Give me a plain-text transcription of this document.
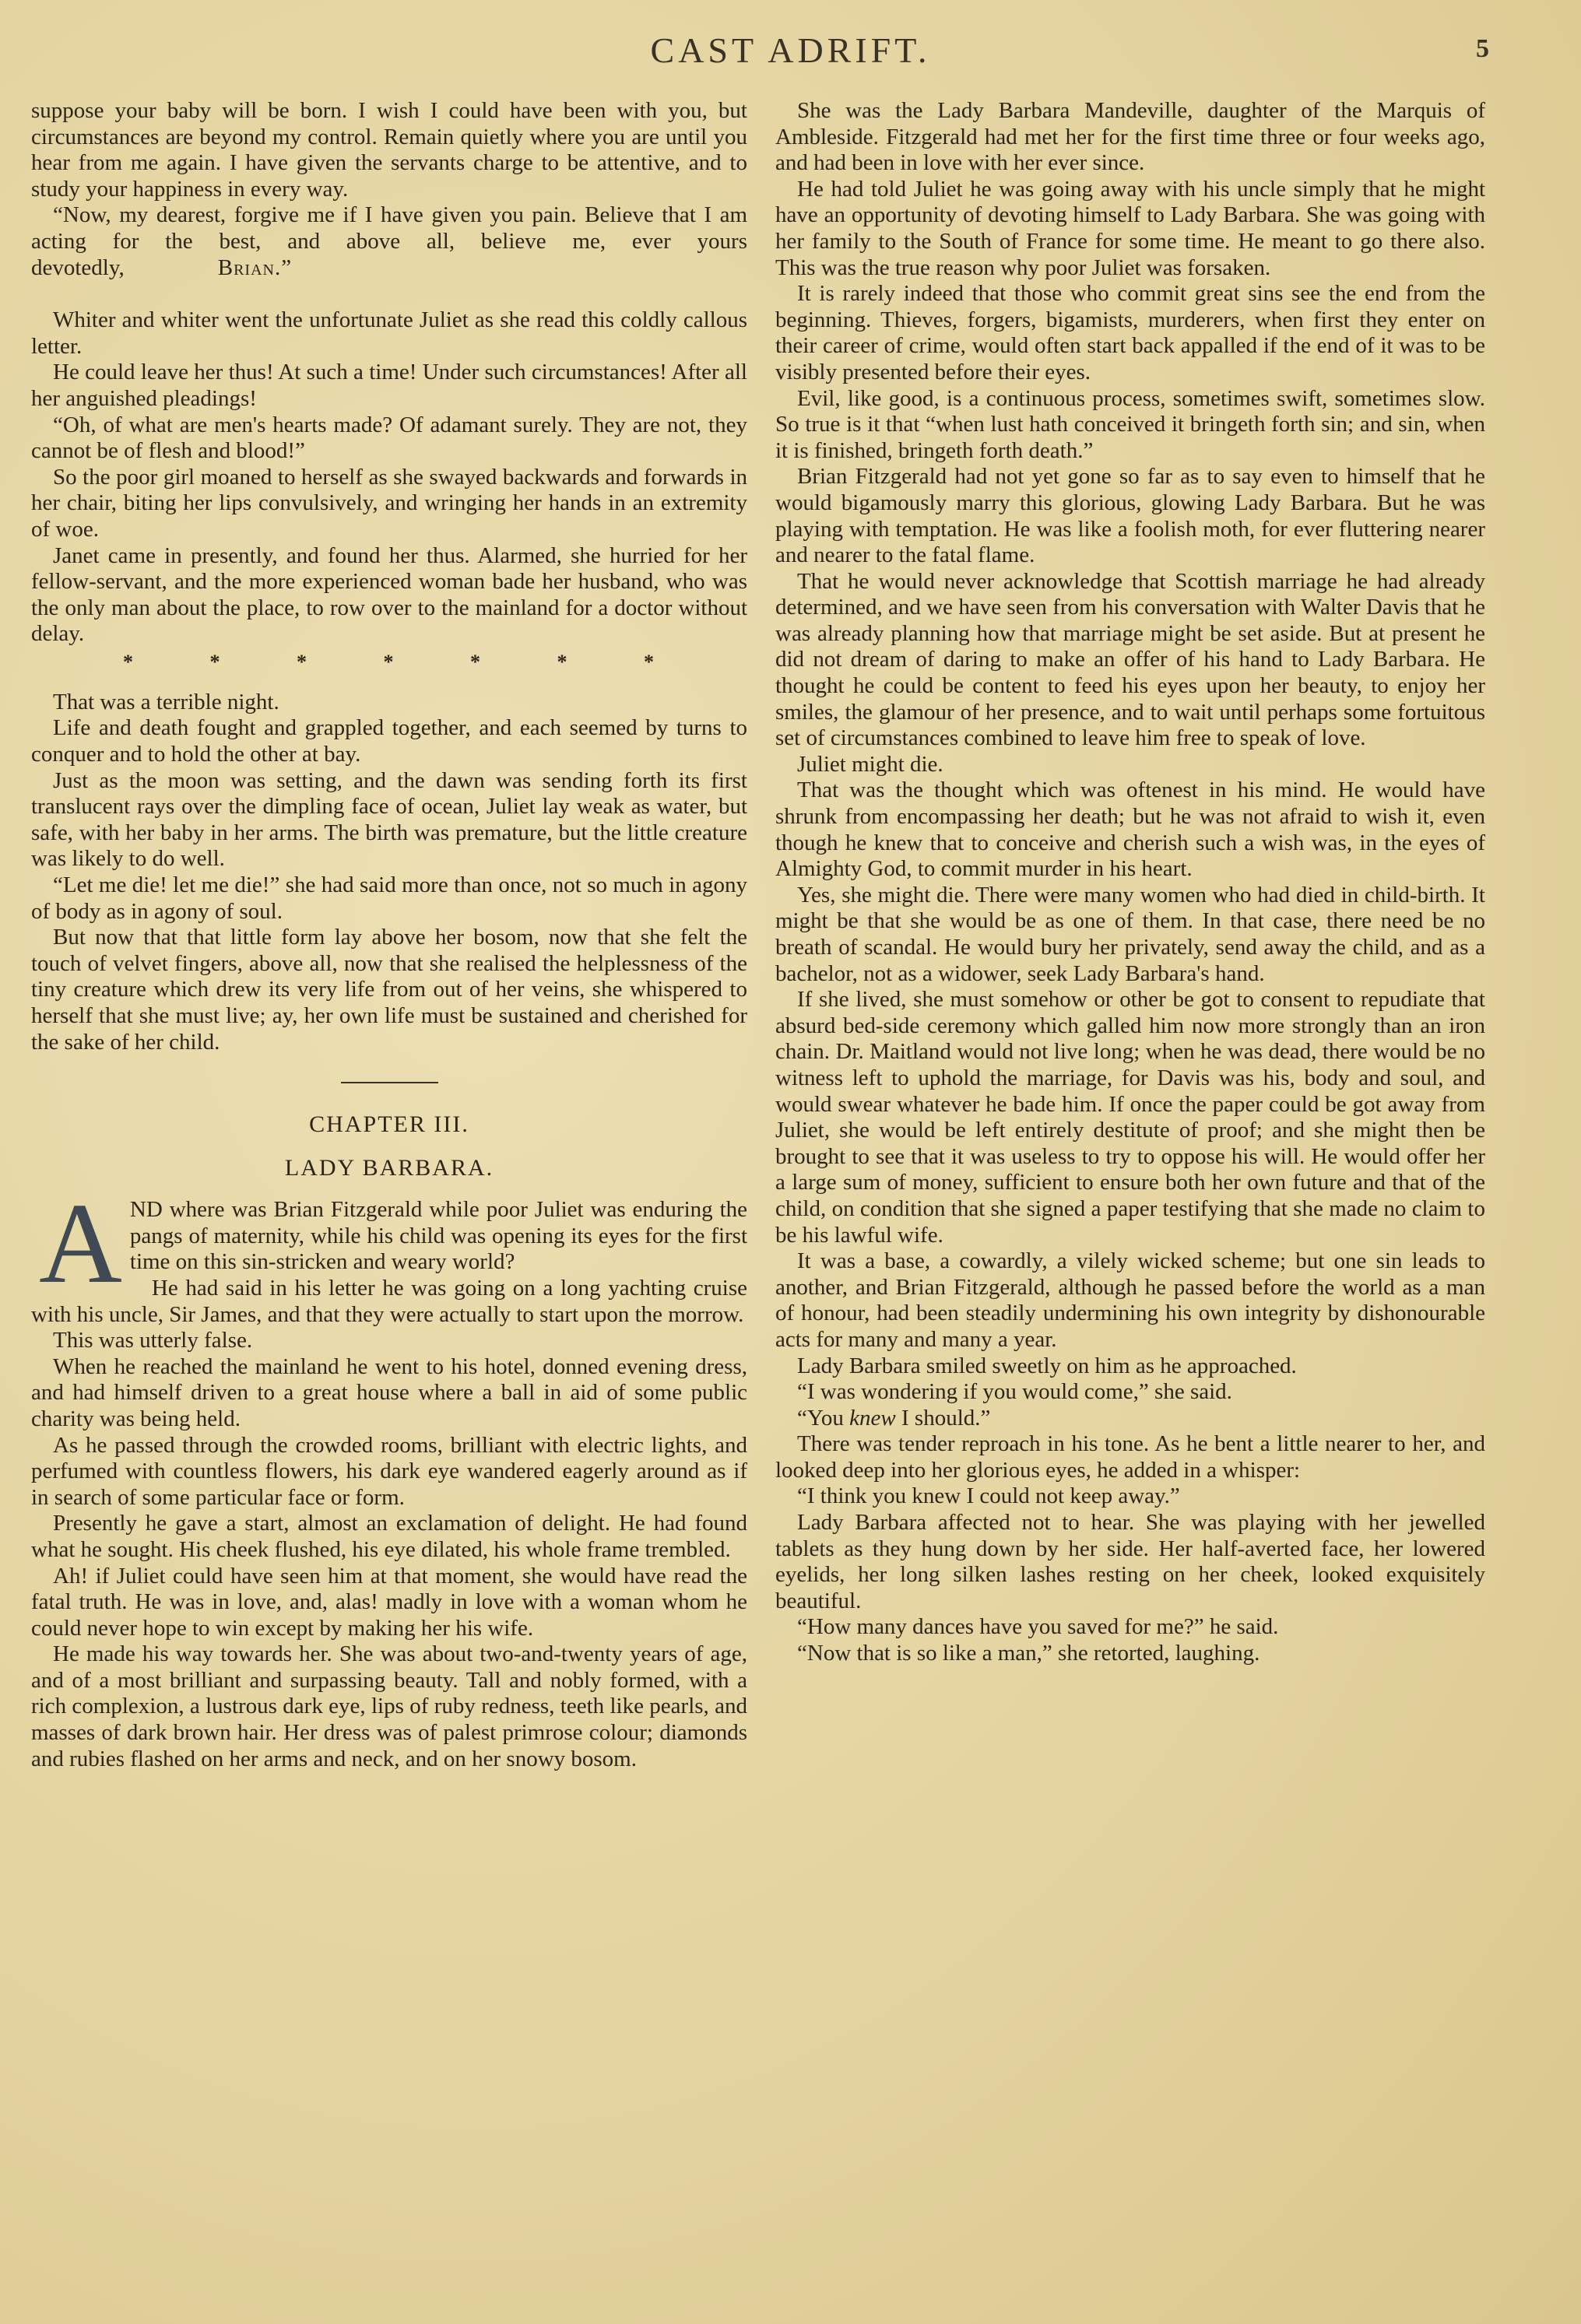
CAST ADRIFT.	5

suppose your baby will be born. I wish I could have been with you, but circumstances are beyond my control. Remain quietly where you are until you hear from me again. I have given the servants charge to be attentive, and to study your happiness in every way.

“Now, my dearest, forgive me if I have given you pain. Believe that I am acting for the best, and above all, believe me, ever yours devotedly,	Brian.”

Whiter and whiter went the unfortunate Juliet as she read this coldly callous letter.

He could leave her thus! At such a time! Under such circumstances! After all her anguished pleadings!

“Oh, of what are men's hearts made? Of adamant surely. They are not, they cannot be of flesh and blood!”

So the poor girl moaned to herself as she swayed backwards and forwards in her chair, biting her lips convulsively, and wringing her hands in an extremity of woe.

Janet came in presently, and found her thus. Alarmed, she hurried for her fellow-servant, and the more experienced woman bade her husband, who was the only man about the place, to row over to the mainland for a doctor without delay.

*	*	*	*	*	*	*

That was a terrible night.

Life and death fought and grappled together, and each seemed by turns to conquer and to hold the other at bay.

Just as the moon was setting, and the dawn was sending forth its first translucent rays over the dimpling face of ocean, Juliet lay weak as water, but safe, with her baby in her arms. The birth was premature, but the little creature was likely to do well.

“Let me die! let me die!” she had said more than once, not so much in agony of body as in agony of soul.

But now that that little form lay above her bosom, now that she felt the touch of velvet fingers, above all, now that she realised the helplessness of the tiny creature which drew its very life from out of her veins, she whispered to herself that she must live; ay, her own life must be sustained and cherished for the sake of her child.

CHAPTER III.
LADY BARBARA.

AND where was Brian Fitzgerald while poor Juliet was enduring the pangs of maternity, while his child was opening its eyes for the first time on this sin-stricken and weary world?

He had said in his letter he was going on a long yachting cruise with his uncle, Sir James, and that they were actually to start upon the morrow.

This was utterly false.

When he reached the mainland he went to his hotel, donned evening dress, and had himself driven to a great house where a ball in aid of some public charity was being held.

As he passed through the crowded rooms, brilliant with electric lights, and perfumed with countless flowers, his dark eye wandered eagerly around as if in search of some particular face or form.

Presently he gave a start, almost an exclamation of delight. He had found what he sought. His cheek flushed, his eye dilated, his whole frame trembled.

Ah! if Juliet could have seen him at that moment, she would have read the fatal truth. He was in love, and, alas! madly in love with a woman whom he could never hope to win except by making her his wife.

He made his way towards her. She was about two-and-twenty years of age, and of a most brilliant and surpassing beauty. Tall and nobly formed, with a rich complexion, a lustrous dark eye, lips of ruby redness, teeth like pearls, and masses of dark brown hair. Her dress was of palest primrose colour; diamonds and rubies flashed on her arms and neck, and on her snowy bosom.

She was the Lady Barbara Mandeville, daughter of the Marquis of Ambleside. Fitzgerald had met her for the first time three or four weeks ago, and had been in love with her ever since.

He had told Juliet he was going away with his uncle simply that he might have an opportunity of devoting himself to Lady Barbara. She was going with her family to the South of France for some time. He meant to go there also. This was the true reason why poor Juliet was forsaken.

It is rarely indeed that those who commit great sins see the end from the beginning. Thieves, forgers, bigamists, murderers, when first they enter on their career of crime, would often start back appalled if the end of it was to be visibly presented before their eyes.

Evil, like good, is a continuous process, sometimes swift, sometimes slow. So true is it that “when lust hath conceived it bringeth forth sin; and sin, when it is finished, bringeth forth death.”

Brian Fitzgerald had not yet gone so far as to say even to himself that he would bigamously marry this glorious, glowing Lady Barbara. But he was playing with temptation. He was like a foolish moth, for ever fluttering nearer and nearer to the fatal flame.

That he would never acknowledge that Scottish marriage he had already determined, and we have seen from his conversation with Walter Davis that he was already planning how that marriage might be set aside. But at present he did not dream of daring to make an offer of his hand to Lady Barbara. He thought he could be content to feed his eyes upon her beauty, to enjoy her smiles, the glamour of her presence, and to wait until perhaps some fortuitous set of circumstances combined to leave him free to speak of love.

Juliet might die.

That was the thought which was oftenest in his mind. He would have shrunk from encompassing her death; but he was not afraid to wish it, even though he knew that to conceive and cherish such a wish was, in the eyes of Almighty God, to commit murder in his heart.

Yes, she might die. There were many women who had died in child-birth. It might be that she would be as one of them. In that case, there need be no breath of scandal. He would bury her privately, send away the child, and as a bachelor, not as a widower, seek Lady Barbara's hand.

If she lived, she must somehow or other be got to consent to repudiate that absurd bed-side ceremony which galled him now more strongly than an iron chain. Dr. Maitland would not live long; when he was dead, there would be no witness left to uphold the marriage, for Davis was his, body and soul, and would swear whatever he bade him. If once the paper could be got away from Juliet, she would be left entirely destitute of proof; and she might then be brought to see that it was useless to try to oppose his will. He would offer her a large sum of money, sufficient to ensure both her own future and that of the child, on condition that she signed a paper testifying that she made no claim to be his lawful wife.

It was a base, a cowardly, a vilely wicked scheme; but one sin leads to another, and Brian Fitzgerald, although he passed before the world as a man of honour, had been steadily undermining his own integrity by dishonourable acts for many and many a year.

Lady Barbara smiled sweetly on him as he approached.

“I was wondering if you would come,” she said.

“You knew I should.”

There was tender reproach in his tone. As he bent a little nearer to her, and looked deep into her glorious eyes, he added in a whisper:

“I think you knew I could not keep away.”

Lady Barbara affected not to hear. She was playing with her jewelled tablets as they hung down by her side. Her half-averted face, her lowered eyelids, her long silken lashes resting on her cheek, looked exquisitely beautiful.

“How many dances have you saved for me?” he said.

“Now that is so like a man,” she retorted, laughing.
